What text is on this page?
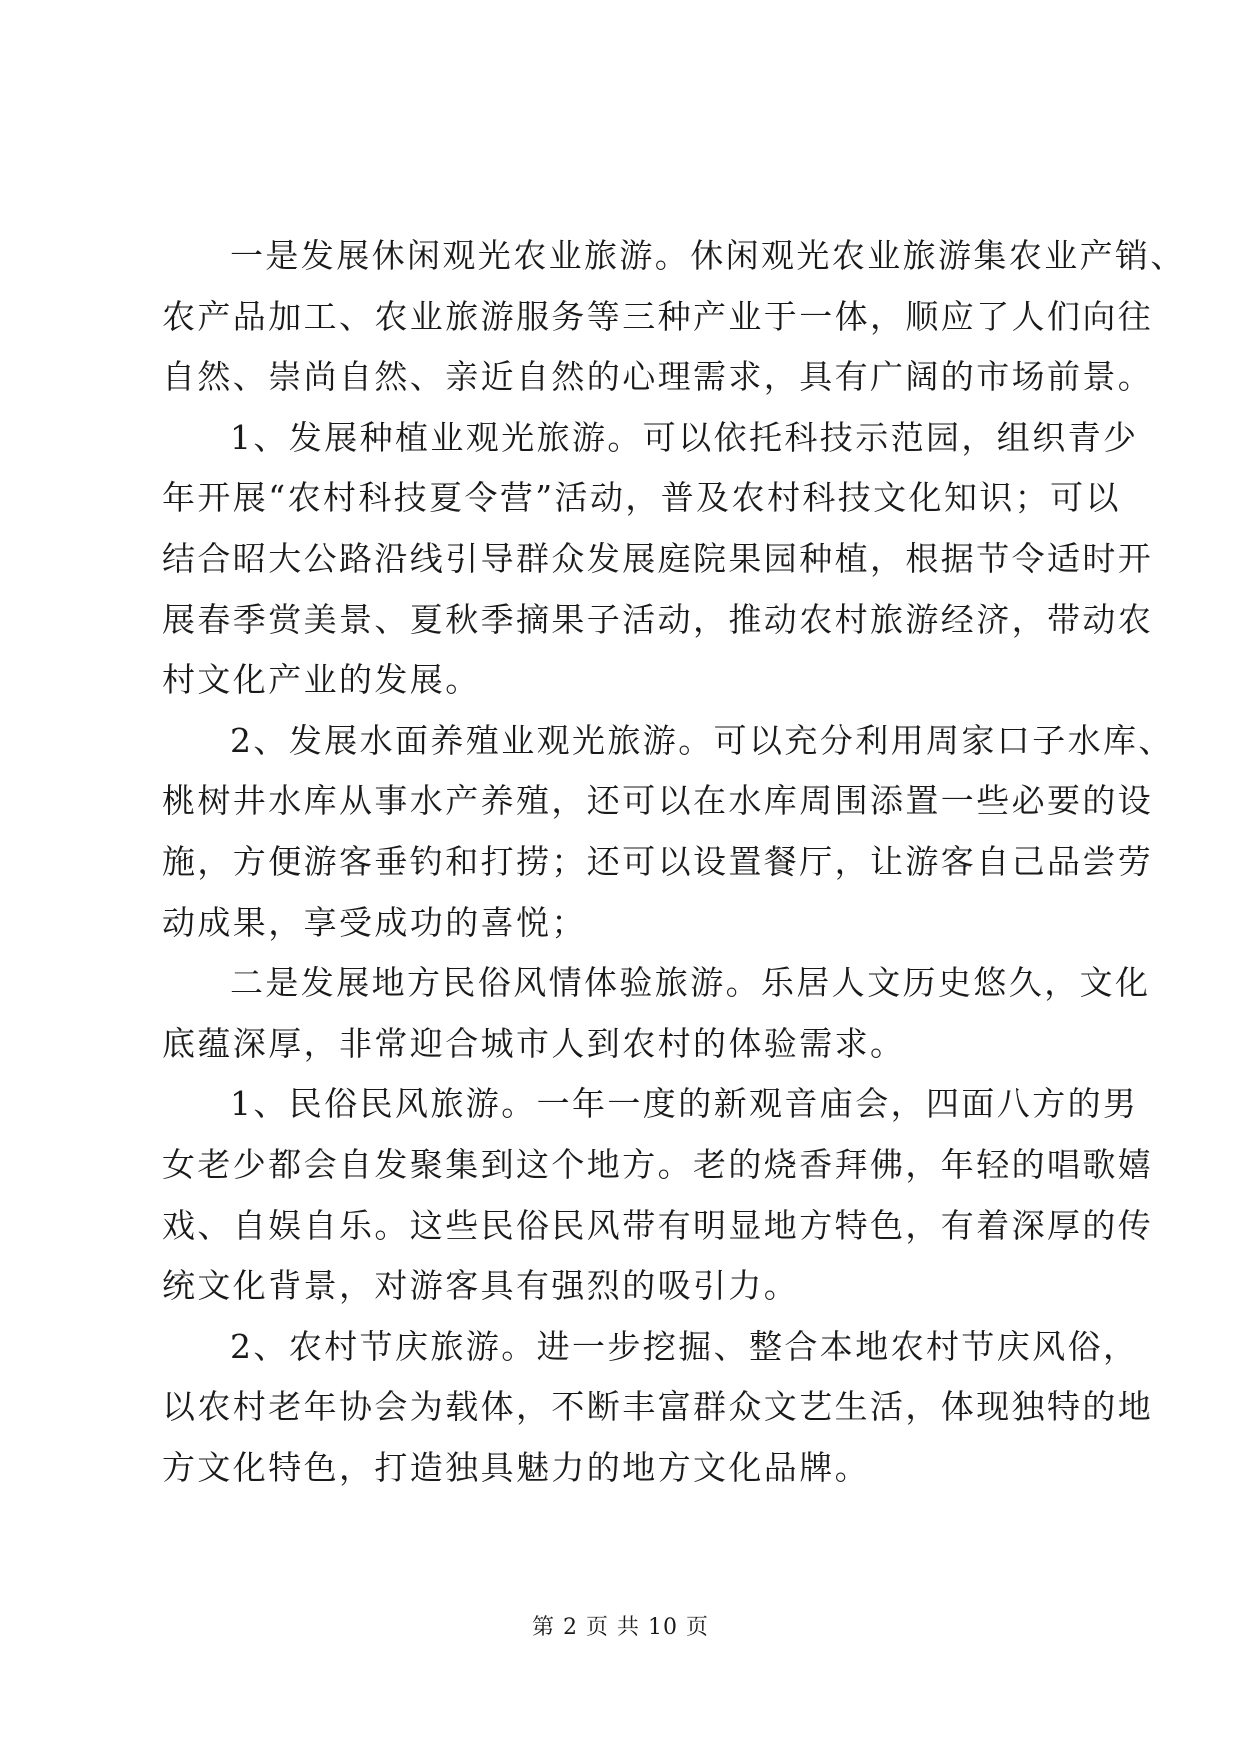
一是发展休闲观光农业旅游。休闲观光农业旅游集农业产销、
农产品加工、农业旅游服务等三种产业于一体，顺应了人们向往
自然、崇尚自然、亲近自然的心理需求，具有广阔的市场前景。
1、发展种植业观光旅游。可以依托科技示范园，组织青少
年开展“农村科技夏令营”活动，普及农村科技文化知识；可以
结合昭大公路沿线引导群众发展庭院果园种植，根据节令适时开
展春季赏美景、夏秋季摘果子活动，推动农村旅游经济，带动农
村文化产业的发展。
2、发展水面养殖业观光旅游。可以充分利用周家口子水库、
桃树井水库从事水产养殖，还可以在水库周围添置一些必要的设
施，方便游客垂钓和打捞；还可以设置餐厅，让游客自己品尝劳
动成果，享受成功的喜悦；
二是发展地方民俗风情体验旅游。乐居人文历史悠久，文化
底蕴深厚，非常迎合城市人到农村的体验需求。
1、民俗民风旅游。一年一度的新观音庙会，四面八方的男
女老少都会自发聚集到这个地方。老的烧香拜佛，年轻的唱歌嬉
戏、自娱自乐。这些民俗民风带有明显地方特色，有着深厚的传
统文化背景，对游客具有强烈的吸引力。
2、农村节庆旅游。进一步挖掘、整合本地农村节庆风俗，
以农村老年协会为载体，不断丰富群众文艺生活，体现独特的地
方文化特色，打造独具魅力的地方文化品牌。
第 2 页 共 10 页
